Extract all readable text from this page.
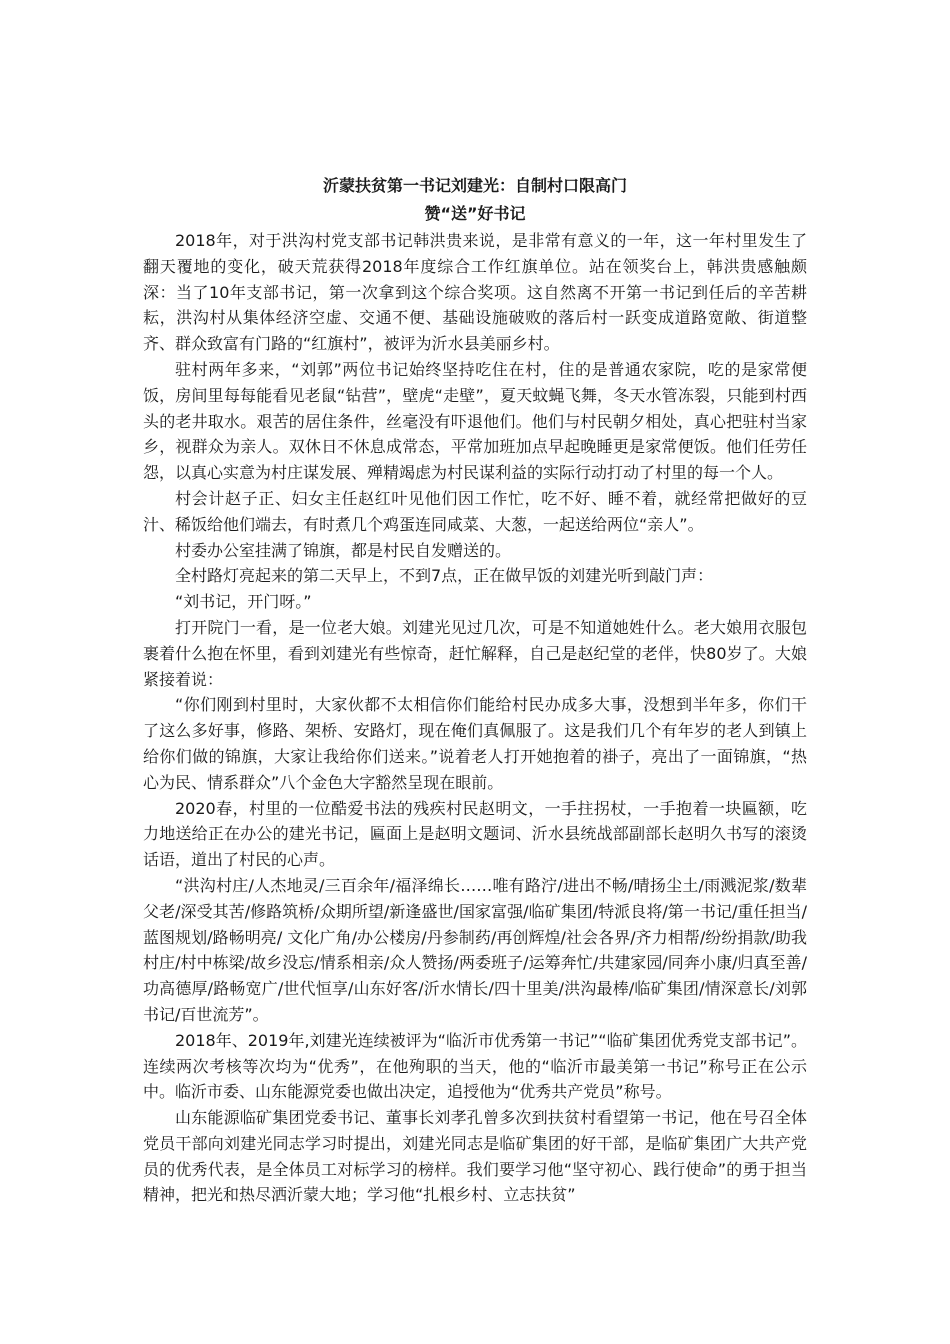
沂蒙扶贫第一书记刘建光：自制村口限高门

赞“送”好书记

2018年，对于洪沟村党支部书记韩洪贵来说，是非常有意义的一年，这一年村里发生了翻天覆地的变化，破天荒获得2018年度综合工作红旗单位。站在领奖台上，韩洪贵感触颇深：当了10年支部书记，第一次拿到这个综合奖项。这自然离不开第一书记到任后的辛苦耕耘，洪沟村从集体经济空虚、交通不便、基础设施破败的落后村一跃变成道路宽敞、街道整齐、群众致富有门路的“红旗村”，被评为沂水县美丽乡村。

驻村两年多来，“刘郭”两位书记始终坚持吃住在村，住的是普通农家院，吃的是家常便饭，房间里每每能看见老鼠“钻营”，壁虎“走壁”，夏天蚊蝇飞舞，冬天水管冻裂，只能到村西头的老井取水。艰苦的居住条件，丝毫没有吓退他们。他们与村民朝夕相处，真心把驻村当家乡，视群众为亲人。双休日不休息成常态，平常加班加点早起晚睡更是家常便饭。他们任劳任怨，以真心实意为村庄谋发展、殚精竭虑为村民谋利益的实际行动打动了村里的每一个人。

村会计赵子正、妇女主任赵红叶见他们因工作忙，吃不好、睡不着，就经常把做好的豆汁、稀饭给他们端去，有时煮几个鸡蛋连同咸菜、大葱，一起送给两位“亲人”。

村委办公室挂满了锦旗，都是村民自发赠送的。

全村路灯亮起来的第二天早上，不到7点，正在做早饭的刘建光听到敲门声：

“刘书记，开门呀。”

打开院门一看，是一位老大娘。刘建光见过几次，可是不知道她姓什么。老大娘用衣服包裹着什么抱在怀里，看到刘建光有些惊奇，赶忙解释，自己是赵纪堂的老伴，快80岁了。大娘紧接着说：

“你们刚到村里时，大家伙都不太相信你们能给村民办成多大事，没想到半年多，你们干了这么多好事，修路、架桥、安路灯，现在俺们真佩服了。这是我们几个有年岁的老人到镇上给你们做的锦旗，大家让我给你们送来。”说着老人打开她抱着的褂子，亮出了一面锦旗，“热心为民、情系群众”八个金色大字豁然呈现在眼前。

2020春，村里的一位酷爱书法的残疾村民赵明文，一手拄拐杖，一手抱着一块匾额，吃力地送给正在办公的建光书记，匾面上是赵明文题词、沂水县统战部副部长赵明久书写的滚烫话语，道出了村民的心声。

“洪沟村庄/人杰地灵/三百余年/福泽绵长……唯有路泞/进出不畅/晴扬尘土/雨溅泥浆/数辈父老/深受其苦/修路筑桥/众期所望/新逢盛世/国家富强/临矿集团/特派良将/第一书记/重任担当/蓝图规划/路畅明亮/ 文化广角/办公楼房/丹参制药/再创辉煌/社会各界/齐力相帮/纷纷捐款/助我村庄/村中栋梁/故乡没忘/情系相亲/众人赞扬/两委班子/运筹奔忙/共建家园/同奔小康/归真至善/功高德厚/路畅宽广/世代恒享/山东好客/沂水情长/四十里美/洪沟最棒/临矿集团/情深意长/刘郭书记/百世流芳”。

2018年、2019年,刘建光连续被评为“临沂市优秀第一书记”“临矿集团优秀党支部书记”。连续两次考核等次均为“优秀”，在他殉职的当天，他的“临沂市最美第一书记”称号正在公示中。临沂市委、山东能源党委也做出决定，追授他为“优秀共产党员”称号。

山东能源临矿集团党委书记、董事长刘孝孔曾多次到扶贫村看望第一书记，他在号召全体党员干部向刘建光同志学习时提出，刘建光同志是临矿集团的好干部，是临矿集团广大共产党员的优秀代表，是全体员工对标学习的榜样。我们要学习他“坚守初心、践行使命”的勇于担当精神，把光和热尽洒沂蒙大地；学习他“扎根乡村、立志扶贫”
